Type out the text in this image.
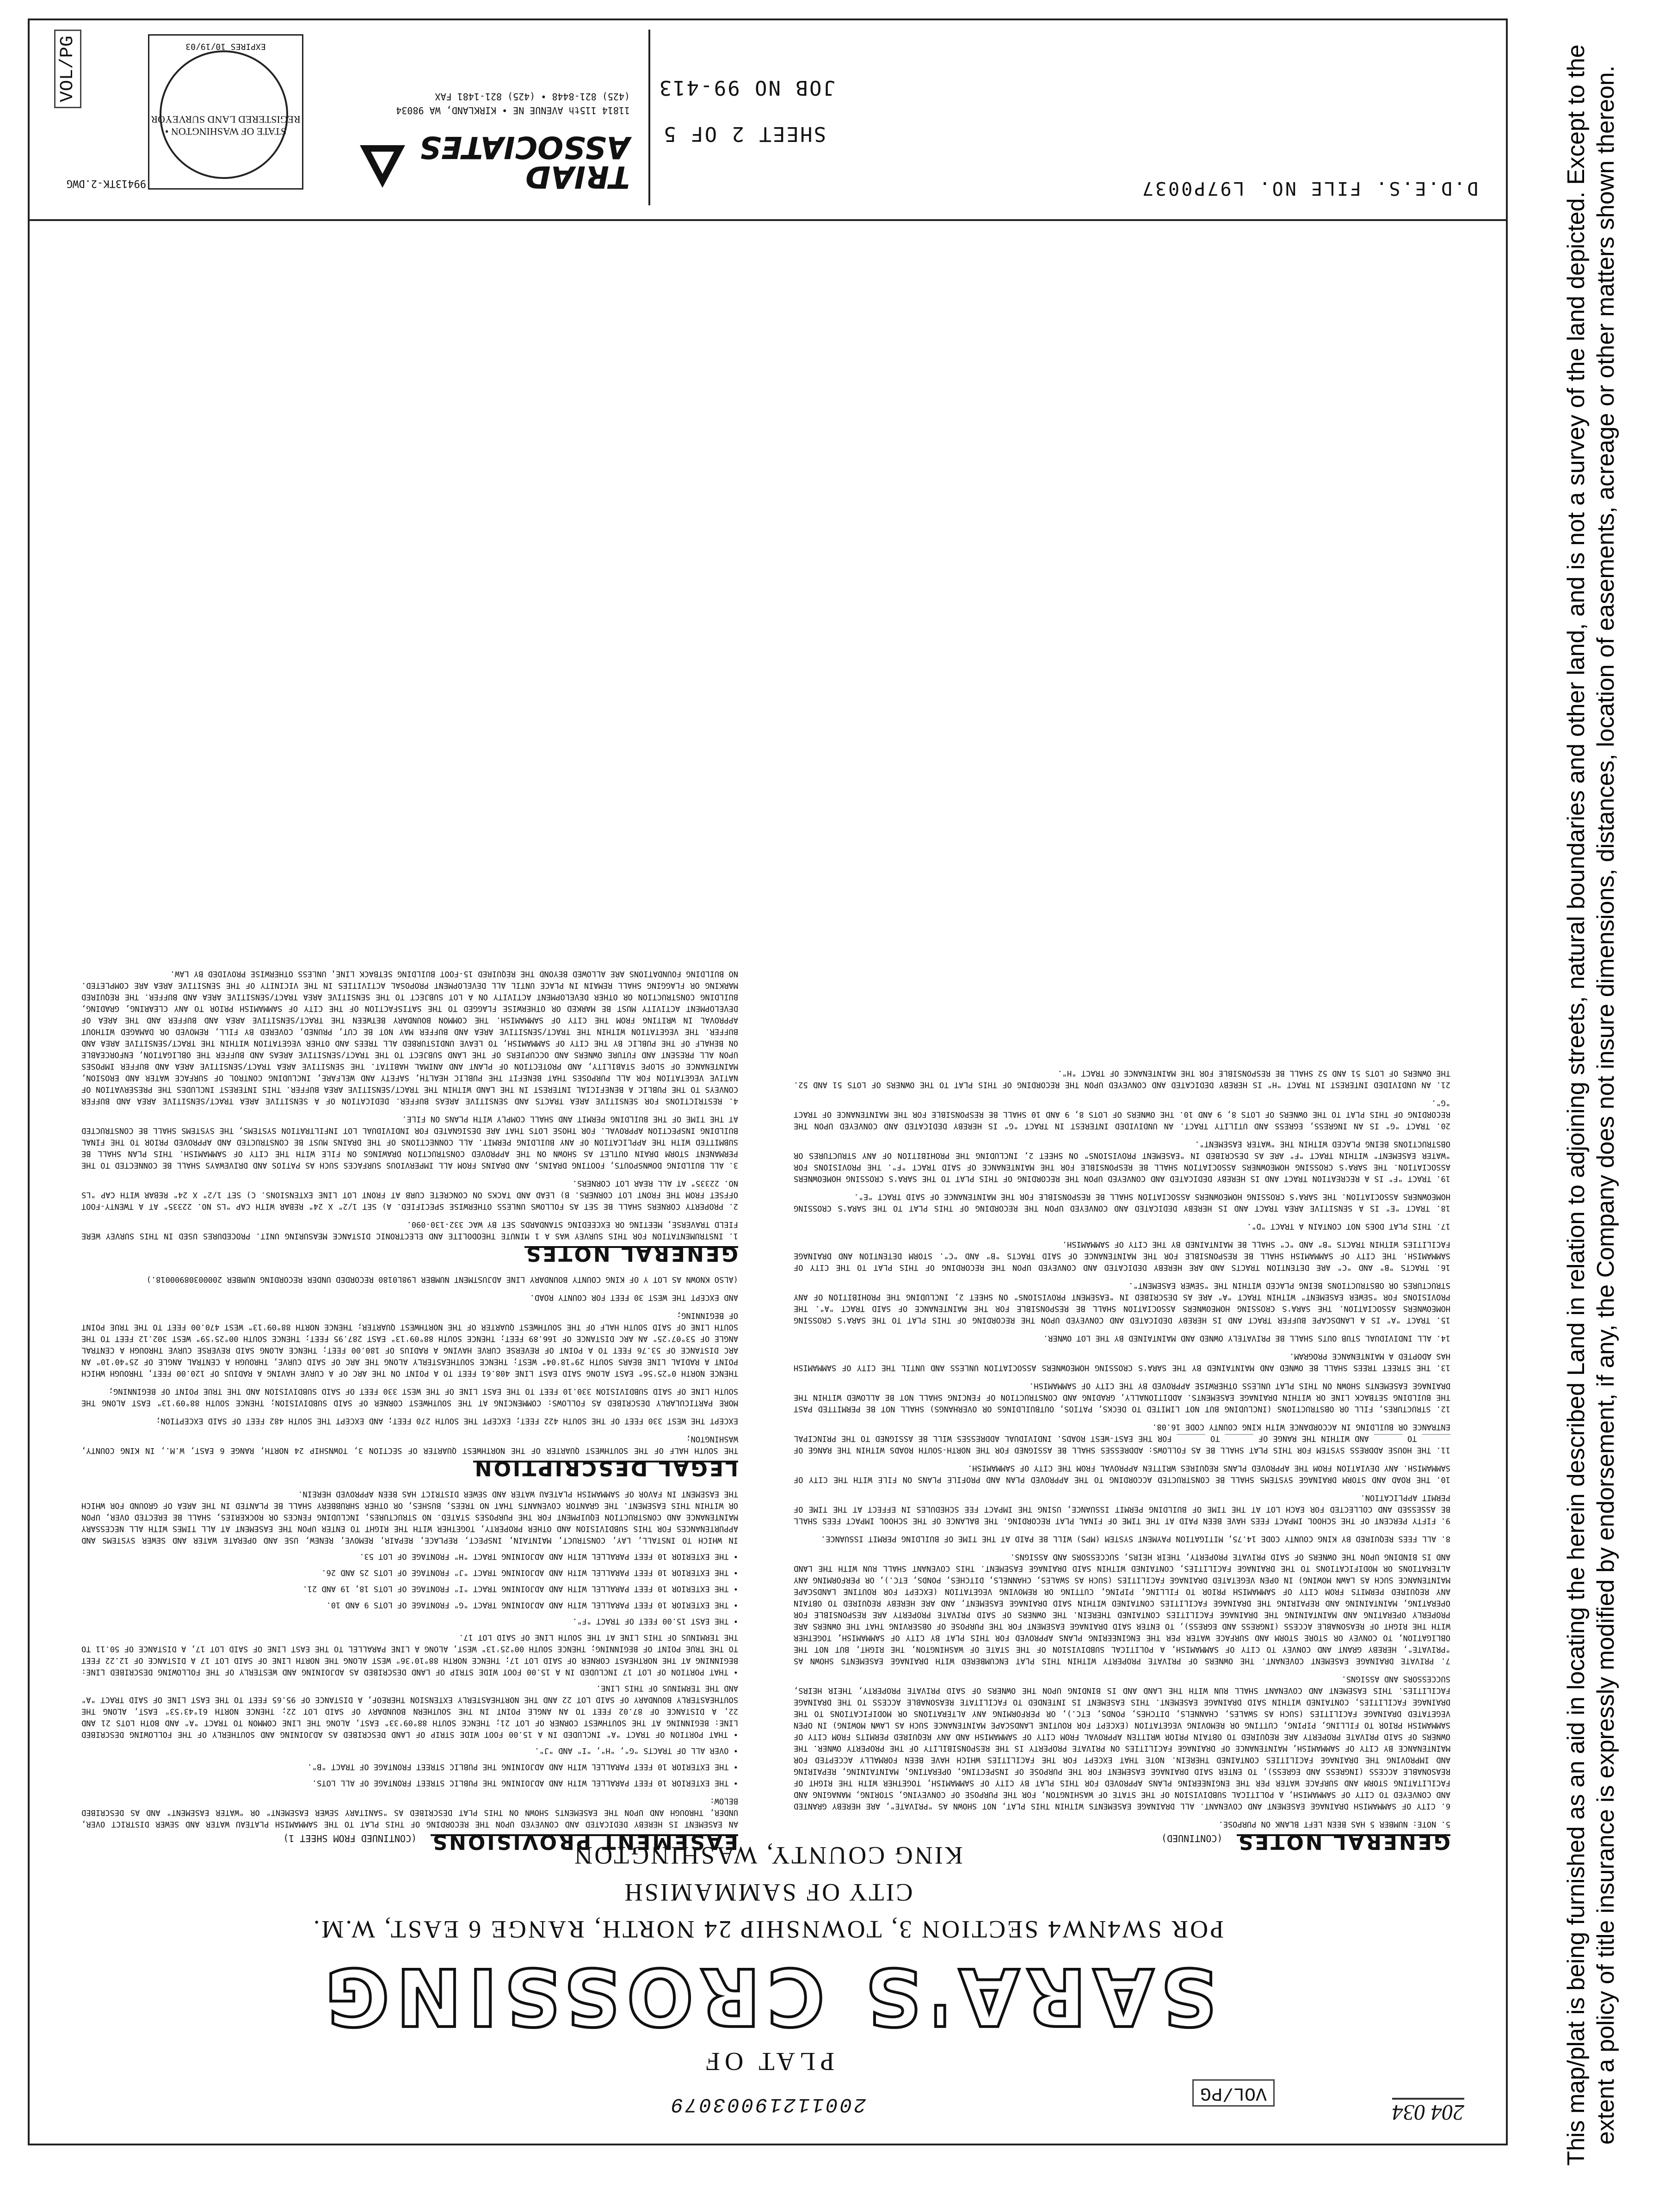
204 034
VOL/PG
20011219003079
PLAT OF
SARA'S CROSSING
POR SW4NW4 SECTION 3, TOWNSHIP 24 NORTH, RANGE 6 EAST, W.M.
CITY OF SAMMAMISH
KING COUNTY, WASHINGTON	GENERAL NOTES (CONTINUED)

5. NOTE: NUMBER 5 HAS BEEN LEFT BLANK ON PURPOSE.

6. CITY OF SAMMAMISH DRAINAGE EASEMENT AND COVENANT. ALL DRAINAGE EASEMENTS WITHIN THIS PLAT, NOT SHOWN AS "PRIVATE", ARE HEREBY GRANTED AND CONVEYED TO CITY OF SAMMAMISH, A POLITICAL SUBDIVISION OF THE STATE OF WASHINGTON, FOR THE PURPOSE OF CONVEYING, STORING, MANAGING AND FACILITATING STORM AND SURFACE WATER PER THE ENGINEERING PLANS APPROVED FOR THIS PLAT BY CITY OF SAMMAMISH, TOGETHER WITH THE RIGHT OF REASONABLE ACCESS (INGRESS AND EGRESS), TO ENTER SAID DRAINAGE EASEMENT FOR THE PURPOSE OF INSPECTING, OPERATING, MAINTAINING, REPAIRING AND IMPROVING THE DRAINAGE FACILITIES CONTAINED THEREIN. NOTE THAT EXCEPT FOR THE FACILITIES WHICH HAVE BEEN FORMALLY ACCEPTED FOR MAINTENANCE BY CITY OF SAMMAMISH, MAINTENANCE OF DRAINAGE FACILITIES ON PRIVATE PROPERTY IS THE RESPONSIBILITY OF THE PROPERTY OWNER. THE OWNERS OF SAID PRIVATE PROPERTY ARE REQUIRED TO OBTAIN PRIOR WRITTEN APPROVAL FROM CITY OF SAMMAMISH AND ANY REQUIRED PERMITS FROM CITY OF SAMMAMISH PRIOR TO FILLING, PIPING, CUTTING OR REMOVING VEGETATION (EXCEPT FOR ROUTINE LANDSCAPE MAINTENANCE SUCH AS LAWN MOWING) IN OPEN VEGETATED DRAINAGE FACILITIES (SUCH AS SWALES, CHANNELS, DITCHES, PONDS, ETC.), OR PERFORMING ANY ALTERATIONS OR MODIFICATIONS TO THE DRAINAGE FACILITIES, CONTAINED WITHIN SAID DRAINAGE EASEMENT. THIS EASEMENT IS INTENDED TO FACILITATE REASONABLE ACCESS TO THE DRAINAGE FACILITIES. THIS EASEMENT AND COVENANT SHALL RUN WITH THE LAND AND IS BINDING UPON THE OWNERS OF SAID PRIVATE PROPERTY, THEIR HEIRS, SUCCESSORS AND ASSIGNS.

7. PRIVATE DRAINAGE EASEMENT COVENANT. THE OWNERS OF PRIVATE PROPERTY WITHIN THIS PLAT ENCUMBERED WITH DRAINAGE EASEMENTS SHOWN AS "PRIVATE", HEREBY GRANT AND CONVEY TO CITY OF SAMMAMISH, A POLITICAL SUBDIVISION OF THE STATE OF WASHINGTON, THE RIGHT, BUT NOT THE OBLIGATION, TO CONVEY OR STORE STORM AND SURFACE WATER PER THE ENGINEERING PLANS APPROVED FOR THIS PLAT BY CITY OF SAMMAMISH, TOGETHER WITH THE RIGHT OF REASONABLE ACCESS (INGRESS AND EGRESS), TO ENTER SAID DRAINAGE EASEMENT FOR THE PURPOSE OF OBSERVING THAT THE OWNERS ARE PROPERLY OPERATING AND MAINTAINING THE DRAINAGE FACILITIES CONTAINED THEREIN. THE OWNERS OF SAID PRIVATE PROPERTY ARE RESPONSIBLE FOR OPERATING, MAINTAINING AND REPAIRING THE DRAINAGE FACILITIES CONTAINED WITHIN SAID DRAINAGE EASEMENT, AND ARE HEREBY REQUIRED TO OBTAIN ANY REQUIRED PERMITS FROM CITY OF SAMMAMISH PRIOR TO FILLING, PIPING, CUTTING OR REMOVING VEGETATION (EXCEPT FOR ROUTINE LANDSCAPE MAINTENANCE SUCH AS LAWN MOWING) IN OPEN VEGETATED DRAINAGE FACILITIES (SUCH AS SWALES, CHANNELS, DITCHES, PONDS, ETC.), OR PERFORMING ANY ALTERATIONS OR MODIFICATIONS TO THE DRAINAGE FACILITIES, CONTAINED WITHIN SAID DRAINAGE EASEMENT. THIS COVENANT SHALL RUN WITH THE LAND AND IS BINDING UPON THE OWNERS OF SAID PRIVATE PROPERTY, THEIR HEIRS, SUCCESSORS AND ASSIGNS.

8. ALL FEES REQUIRED BY KING COUNTY CODE 14.75, MITIGATION PAYMENT SYSTEM (MPS) WILL BE PAID AT THE TIME OF BUILDING PERMIT ISSUANCE.

9. FIFTY PERCENT OF THE SCHOOL IMPACT FEES HAVE BEEN PAID AT THE TIME OF FINAL PLAT RECORDING. THE BALANCE OF THE SCHOOL IMPACT FEES SHALL BE ASSESSED AND COLLECTED FOR EACH LOT AT THE TIME OF BUILDING PERMIT ISSUANCE, USING THE IMPACT FEE SCHEDULES IN EFFECT AT THE TIME OF PERMIT APPLICATION.

10. THE ROAD AND STORM DRAINAGE SYSTEMS SHALL BE CONSTRUCTED ACCORDING TO THE APPROVED PLAN AND PROFILE PLANS ON FILE WITH THE CITY OF SAMMAMISH. ANY DEVIATION FROM THE APPROVED PLANS REQUIRES WRITTEN APPROVAL FROM THE CITY OF SAMMAMISH.

11. THE HOUSE ADDRESS SYSTEM FOR THIS PLAT SHALL BE AS FOLLOWS: ADDRESSES SHALL BE ASSIGNED FOR THE NORTH-SOUTH ROADS WITHIN THE RANGE OF ______ TO ______ AND WITHIN THE RANGE OF ______ TO ______ FOR THE EAST-WEST ROADS. INDIVIDUAL ADDRESSES WILL BE ASSIGNED TO THE PRINCIPAL ENTRANCE OR BUILDING IN ACCORDANCE WITH KING COUNTY CODE 16.08.

12. STRUCTURES, FILL OR OBSTRUCTIONS (INCLUDING BUT NOT LIMITED TO DECKS, PATIOS, OUTBUILDINGS OR OVERHANGS) SHALL NOT BE PERMITTED PAST THE BUILDING SETBACK LINE OR WITHIN DRAINAGE EASEMENTS. ADDITIONALLY, GRADING AND CONSTRUCTION OF FENCING SHALL NOT BE ALLOWED WITHIN THE DRAINAGE EASEMENTS SHOWN ON THIS PLAT UNLESS OTHERWISE APPROVED BY THE CITY OF SAMMAMISH.

13. THE STREET TREES SHALL BE OWNED AND MAINTAINED BY THE SARA'S CROSSING HOMEOWNERS ASSOCIATION UNLESS AND UNTIL THE CITY OF SAMMAMISH HAS ADOPTED A MAINTENANCE PROGRAM.

14. ALL INDIVIDUAL STUB OUTS SHALL BE PRIVATELY OWNED AND MAINTAINED BY THE LOT OWNER.

15. TRACT "A" IS A LANDSCAPE BUFFER TRACT AND IS HEREBY DEDICATED AND CONVEYED UPON THE RECORDING OF THIS PLAT TO THE SARA'S CROSSING HOMEOWNERS ASSOCIATION. THE SARA'S CROSSING HOMEOWNERS ASSOCIATION SHALL BE RESPONSIBLE FOR THE MAINTENANCE OF SAID TRACT "A". THE PROVISIONS FOR "SEWER EASEMENT" WITHIN TRACT "A" ARE AS DESCRIBED IN "EASEMENT PROVISIONS" ON SHEET 2, INCLUDING THE PROHIBITION OF ANY STRUCTURES OR OBSTRUCTIONS BEING PLACED WITHIN THE "SEWER EASEMENT".

16. TRACTS "B" AND "C" ARE DETENTION TRACTS AND ARE HEREBY DEDICATED AND CONVEYED UPON THE RECORDING OF THIS PLAT TO THE CITY OF SAMMAMISH. THE CITY OF SAMMAMISH SHALL BE RESPONSIBLE FOR THE MAINTENANCE OF SAID TRACTS "B" AND "C". STORM DETENTION AND DRAINAGE FACILITIES WITHIN TRACTS "B" AND "C" SHALL BE MAINTAINED BY THE CITY OF SAMMAMISH.

17. THIS PLAT DOES NOT CONTAIN A TRACT "D".

18. TRACT "E" IS A SENSITIVE AREA TRACT AND IS HEREBY DEDICATED AND CONVEYED UPON THE RECORDING OF THIS PLAT TO THE SARA'S CROSSING HOMEOWNERS ASSOCIATION. THE SARA'S CROSSING HOMEOWNERS ASSOCIATION SHALL BE RESPONSIBLE FOR THE MAINTENANCE OF SAID TRACT "E".

19. TRACT "F" IS A RECREATION TRACT AND IS HEREBY DEDICATED AND CONVEYED UPON THE RECORDING OF THIS PLAT TO THE SARA'S CROSSING HOMEOWNERS ASSOCIATION. THE SARA'S CROSSING HOMEOWNERS ASSOCIATION SHALL BE RESPONSIBLE FOR THE MAINTENANCE OF SAID TRACT "F". THE PROVISIONS FOR "WATER EASEMENT" WITHIN TRACT "F" ARE AS DESCRIBED IN "EASEMENT PROVISIONS" ON SHEET 2, INCLUDING THE PROHIBITION OF ANY STRUCTURES OR OBSTRUCTIONS BEING PLACED WITHIN THE "WATER EASEMENT".

20. TRACT "G" IS AN INGRESS, EGRESS AND UTILITY TRACT. AN UNDIVIDED INTEREST IN TRACT "G" IS HEREBY DEDICATED AND CONVEYED UPON THE RECORDING OF THIS PLAT TO THE OWNERS OF LOTS 8, 9 AND 10. THE OWNERS OF LOTS 8, 9 AND 10 SHALL BE RESPONSIBLE FOR THE MAINTENANCE OF TRACT "G".

21. AN UNDIVIDED INTEREST IN TRACT "H" IS HEREBY DEDICATED AND CONVEYED UPON THE RECORDING OF THIS PLAT TO THE OWNERS OF LOTS 51 AND 52. THE OWNERS OF LOTS 51 AND 52 SHALL BE RESPONSIBLE FOR THE MAINTENANCE OF TRACT "H".

EASEMENT PROVISIONS (CONTINUED FROM SHEET 1)

AN EASEMENT IS HEREBY DEDICATED AND CONVEYED UPON THE RECORDING OF THIS PLAT TO THE SAMMAMISH PLATEAU WATER AND SEWER DISTRICT OVER, UNDER, THROUGH AND UPON THE EASEMENTS SHOWN ON THIS PLAT DESCRIBED AS "SANITARY SEWER EASEMENT" OR "WATER EASEMENT" AND AS DESCRIBED BELOW:

• THE EXTERIOR 10 FEET PARALLEL WITH AND ADJOINING THE PUBLIC STREET FRONTAGE OF ALL LOTS.

• THE EXTERIOR 10 FEET PARALLEL WITH AND ADJOINING THE PUBLIC STREET FRONTAGE OF TRACT "B".

• OVER ALL OF TRACTS "G", "H", "I" AND "J".

• THAT PORTION OF TRACT "A" INCLUDED IN A 15.00 FOOT WIDE STRIP OF LAND DESCRIBED AS ADJOINING AND SOUTHERLY OF THE FOLLOWING DESCRIBED LINE: BEGINNING AT THE SOUTHWEST CORNER OF LOT 21; THENCE SOUTH 88°09'33" EAST, ALONG THE LINE COMMON TO TRACT "A" AND BOTH LOTS 21 AND 22, A DISTANCE OF 87.02 FEET TO AN ANGLE POINT IN THE SOUTHERN BOUNDARY OF SAID LOT 22; THENCE NORTH 61°43'53" EAST, ALONG THE SOUTHEASTERLY BOUNDARY OF SAID LOT 22 AND THE NORTHEASTERLY EXTENSION THEREOF, A DISTANCE OF 95.65 FEET TO THE EAST LINE OF SAID TRACT "A" AND THE TERMINUS OF THIS LINE.

• THAT PORTION OF LOT 17 INCLUDED IN A 15.00 FOOT WIDE STRIP OF LAND DESCRIBED AS ADJOINING AND WESTERLY OF THE FOLLOWING DESCRIBED LINE: BEGINNING AT THE NORTHEAST CORNER OF SAID LOT 17; THENCE NORTH 88°10'36" WEST ALONG THE NORTH LINE OF SAID LOT 17 A DISTANCE OF 12.22 FEET TO THE TRUE POINT OF BEGINNING; THENCE SOUTH 00°25'13" WEST, ALONG A LINE PARALLEL TO THE EAST LINE OF SAID LOT 17, A DISTANCE OF 50.11 TO THE TERMINUS OF THIS LINE AT THE SOUTH LINE OF SAID LOT 17.

• THE EAST 15.00 FEET OF TRACT "F".

• THE EXTERIOR 10 FEET PARALLEL WITH AND ADJOINING TRACT "G" FRONTAGE OF LOTS 9 AND 10.

• THE EXTERIOR 10 FEET PARALLEL WITH AND ADJOINING TRACT "I" FRONTAGE OF LOTS 18, 19 AND 21.

• THE EXTERIOR 10 FEET PARALLEL WITH AND ADJOINING TRACT "J" FRONTAGE OF LOTS 25 AND 26.

• THE EXTERIOR 10 FEET PARALLEL WITH AND ADJOINING TRACT "H" FRONTAGE OF LOT 53.

IN WHICH TO INSTALL, LAY, CONSTRUCT, MAINTAIN, INSPECT, REPLACE, REPAIR, REMOVE, RENEW, USE AND OPERATE WATER AND SEWER SYSTEMS AND APPURTENANCES FOR THIS SUBDIVISION AND OTHER PROPERTY, TOGETHER WITH THE RIGHT TO ENTER UPON THE EASEMENT AT ALL TIMES WITH ALL NECESSARY MAINTENANCE AND CONSTRUCTION EQUIPMENT FOR THE PURPOSES STATED. NO STRUCTURES, INCLUDING FENCES OR ROCKERIES, SHALL BE ERECTED OVER, UPON OR WITHIN THIS EASEMENT. THE GRANTOR COVENANTS THAT NO TREES, BUSHES, OR OTHER SHRUBBERY SHALL BE PLANTED IN THE AREA OF GROUND FOR WHICH THE EASEMENT IN FAVOR OF SAMMAMISH PLATEAU WATER AND SEWER DISTRICT HAS BEEN APPROVED HEREIN.

LEGAL DESCRIPTION

THE SOUTH HALF OF THE SOUTHWEST QUARTER OF THE NORTHWEST QUARTER OF SECTION 3, TOWNSHIP 24 NORTH, RANGE 6 EAST, W.M., IN KING COUNTY, WASHINGTON;

EXCEPT THE WEST 330 FEET OF THE SOUTH 422 FEET; EXCEPT THE SOUTH 270 FEET; AND EXCEPT THE SOUTH 482 FEET OF SAID EXCEPTION;

MORE PARTICULARLY DESCRIBED AS FOLLOWS: COMMENCING AT THE SOUTHWEST CORNER OF SAID SUBDIVISION; THENCE SOUTH 88°09'13" EAST ALONG THE SOUTH LINE OF SAID SUBDIVISION 330.10 FEET TO THE EAST LINE OF THE WEST 330 FEET OF SAID SUBDIVISION AND THE TRUE POINT OF BEGINNING;

THENCE NORTH 0°25'56" EAST ALONG SAID EAST LINE 408.61 FEET TO A POINT ON THE ARC OF A CURVE HAVING A RADIUS OF 120.00 FEET, THROUGH WHICH POINT A RADIAL LINE BEARS SOUTH 29°18'04" WEST; THENCE SOUTHEASTERLY ALONG THE ARC OF SAID CURVE, THROUGH A CENTRAL ANGLE OF 25°40'10" AN ARC DISTANCE OF 53.76 FEET TO A POINT OF REVERSE CURVE HAVING A RADIUS OF 180.00 FEET; THENCE ALONG SAID REVERSE CURVE THROUGH A CENTRAL ANGLE OF 53°07'25" AN ARC DISTANCE OF 166.89 FEET; THENCE SOUTH 88°09'13" EAST 287.95 FEET; THENCE SOUTH 00°25'59" WEST 302.12 FEET TO THE SOUTH LINE OF SAID SOUTH HALF OF THE SOUTHWEST QUARTER OF THE NORTHWEST QUARTER; THENCE NORTH 88°09'13" WEST 470.00 FEET TO THE TRUE POINT OF BEGINNING;

AND EXCEPT THE WEST 30 FEET FOR COUNTY ROAD.

(ALSO KNOWN AS LOT Y OF KING COUNTY BOUNDARY LINE ADJUSTMENT NUMBER L98L0180 RECORDED UNDER RECORDING NUMBER 20000308900018.)

GENERAL NOTES

1. INSTRUMENTATION FOR THIS SURVEY WAS A 1 MINUTE THEODOLITE AND ELECTRONIC DISTANCE MEASURING UNIT. PROCEDURES USED IN THIS SURVEY WERE FIELD TRAVERSE, MEETING OR EXCEEDING STANDARDS SET BY WAC 332-130-090.

2. PROPERTY CORNERS SHALL BE SET AS FOLLOWS UNLESS OTHERWISE SPECIFIED. A) SET 1/2" X 24" REBAR WITH CAP "LS NO. 22335" AT A TWENTY-FOOT OFFSET FROM THE FRONT LOT CORNERS. B) LEAD AND TACKS ON CONCRETE CURB AT FRONT LOT LINE EXTENSIONS. C) SET 1/2" X 24" REBAR WITH CAP "LS NO. 22335" AT ALL REAR LOT CORNERS.

3. ALL BUILDING DOWNSPOUTS, FOOTING DRAINS, AND DRAINS FROM ALL IMPERVIOUS SURFACES SUCH AS PATIOS AND DRIVEWAYS SHALL BE CONNECTED TO THE PERMANENT STORM DRAIN OUTLET AS SHOWN ON THE APPROVED CONSTRUCTION DRAWINGS ON FILE WITH THE CITY OF SAMMAMISH. THIS PLAN SHALL BE SUBMITTED WITH THE APPLICATION OF ANY BUILDING PERMIT. ALL CONNECTIONS OF THE DRAINS MUST BE CONSTRUCTED AND APPROVED PRIOR TO THE FINAL BUILDING INSPECTION APPROVAL. FOR THOSE LOTS THAT ARE DESIGNATED FOR INDIVIDUAL LOT INFILTRATION SYSTEMS, THE SYSTEMS SHALL BE CONSTRUCTED AT THE TIME OF THE BUILDING PERMIT AND SHALL COMPLY WITH PLANS ON FILE.

4. RESTRICTIONS FOR SENSITIVE AREA TRACTS AND SENSITIVE AREAS BUFFER. DEDICATION OF A SENSITIVE AREA TRACT/SENSITIVE AREA AND BUFFER CONVEYS TO THE PUBLIC A BENEFICIAL INTEREST IN THE LAND WITHIN THE TRACT/SENSITIVE AREA BUFFER. THIS INTEREST INCLUDES THE PRESERVATION OF NATIVE VEGETATION FOR ALL PURPOSES THAT BENEFIT THE PUBLIC HEALTH, SAFETY AND WELFARE, INCLUDING CONTROL OF SURFACE WATER AND EROSION, MAINTENANCE OF SLOPE STABILITY, AND PROTECTION OF PLANT AND ANIMAL HABITAT. THE SENSITIVE AREA TRACT/SENSITIVE AREA AND BUFFER IMPOSES UPON ALL PRESENT AND FUTURE OWNERS AND OCCUPIERS OF THE LAND SUBJECT TO THE TRACT/SENSITIVE AREAS AND BUFFER THE OBLIGATION, ENFORCEABLE ON BEHALF OF THE PUBLIC BY THE CITY OF SAMMAMISH, TO LEAVE UNDISTURBED ALL TREES AND OTHER VEGETATION WITHIN THE TRACT/SENSITIVE AREA AND BUFFER. THE VEGETATION WITHIN THE TRACT/SENSITIVE AREA AND BUFFER MAY NOT BE CUT, PRUNED, COVERED BY FILL, REMOVED OR DAMAGED WITHOUT APPROVAL IN WRITING FROM THE CITY OF SAMMAMISH. THE COMMON BOUNDARY BETWEEN THE TRACT/SENSITIVE AREA AND BUFFER AND THE AREA OF DEVELOPMENT ACTIVITY MUST BE MARKED OR OTHERWISE FLAGGED TO THE SATISFACTION OF THE CITY OF SAMMAMISH PRIOR TO ANY CLEARING, GRADING, BUILDING CONSTRUCTION OR OTHER DEVELOPMENT ACTIVITY ON A LOT SUBJECT TO THE SENSITIVE AREA TRACT/SENSITIVE AREA AND BUFFER. THE REQUIRED MARKING OR FLAGGING SHALL REMAIN IN PLACE UNTIL ALL DEVELOPMENT PROPOSAL ACTIVITIES IN THE VICINITY OF THE SENSITIVE AREA ARE COMPLETED. NO BUILDING FOUNDATIONS ARE ALLOWED BEYOND THE REQUIRED 15-FOOT BUILDING SETBACK LINE, UNLESS OTHERWISE PROVIDED BY LAW.

D.D.E.S. FILE NO. L97P0037
SHEET 2 OF 5
JOB NO 99-413
TRIAD ASSOCIATES
11814 115th AVENUE NE • KIRKLAND, WA 98034
(425) 821-8448 • (425) 821-1481 FAX
STATE OF WASHINGTON • REGISTERED LAND SURVEYOR
EXPIRES 10/19/03
99413TK-2.DWG
VOL/PG	This map/plat is being furnished as an aid in locating the herein described Land in relation to adjoining streets, natural boundaries and other land, and is not a survey of the land depicted. Except to the extent a policy of title insurance is expressly modified by endorsement, if any, the Company does not insure dimensions, distances, location of easements, acreage or other matters shown thereon.
